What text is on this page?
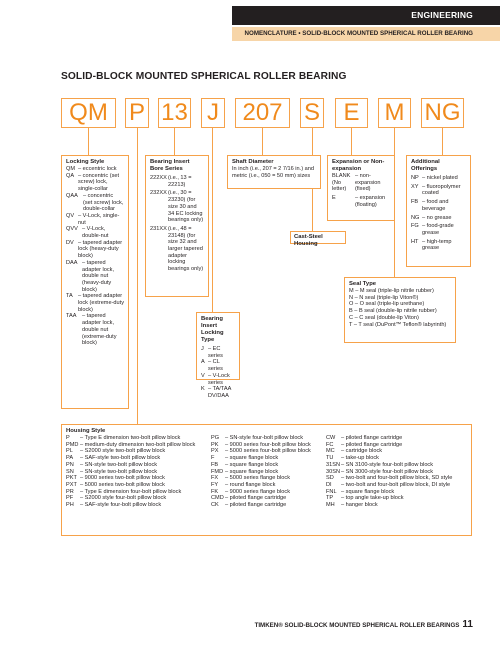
ENGINEERING
NOMENCLATURE • SOLID-BLOCK MOUNTED SPHERICAL ROLLER BEARING
SOLID-BLOCK MOUNTED SPHERICAL ROLLER BEARING
QM P 13 J 207 S E	M NG
Locking Style
QM – eccentric lock
QA – concentric (set screw) lock, single-collar
QAA – concentric (set screw) lock, double-collar
QV – V-Lock, single-nut
QVV – V-Lock, double-nut
DV – tapered adapter lock (heavy-duty block)
DAA – tapered adapter lock, double nut (heavy-duty block)
TA – tapered adapter lock (extreme-duty block)
TAA – tapered adapter lock, double nut (extreme-duty block)
Bearing Insert Bore Series
222XX (i.e., 13 = 22213)
232XX (i.e., 30 = 23230) (for size 30 and 34 EC locking bearings only)
231XX (i.e., 48 = 23148) (for size 32 and larger tapered adapter locking bearings only)
Bearing Insert Locking Type
J – EC series
A – CL series
V – V-Lock series
K – TA/TAA DV/DAA
Shaft Diameter
In inch (i.e., 207 = 2 7/16 in.) and metric (i.e., 050 = 50 mm) sizes
Cast-Steel Housing
Expansion or Non-expansion
BLANK (No letter)
– non-expansion (fixed)
E	– expansion (floating)
Additional Offerings
NP – nickel plated
XY – fluoropolymer coated
FB – food and beverage
NG – no grease
FG – food-grade grease
HT – high-temp grease
Seal Type
M – M seal (triple-lip nitrile rubber)
N – N seal (triple-lip Viton®)
O – O seal (triple-lip urethane)
B – B seal (double-lip nitrile rubber)
C – C seal (double-lip Viton)
T – T seal (DuPont™ Teflon® labyrinth)
Housing Style
P	– Type E dimension two-bolt pillow block
PMD – medium-duty dimension two-bolt pillow block
PL	– S2000 style two-bolt pillow block
PA	– SAF-style two-bolt pillow block
PN	– SN-style two-bolt pillow block
SN	– SN-style two-bolt pillow block
PKT – 9000 series two-bolt pillow block
PXT – 5000 series two-bolt pillow block
PR	– Type E dimension four-bolt pillow block
PF	– S2000 style four-bolt pillow block
PH	– SAF-style four-bolt pillow block
PG	– SN-style four-bolt pillow block
PK	– 9000 series four-bolt pillow block
PX	– 5000 series four-bolt pillow block
F	– square flange block
FB	– square flange block
FMD – square flange block
FX	– 5000 series flange block
FY	– round flange block
FK	– 9000 series flange block
CMD – piloted flange cartridge
CK	– piloted flange cartridge
CW	– piloted flange cartridge
FC	– piloted flange cartridge
MC	– cartridge block
TU	– take-up block
31SN – SN 3100-style four-bolt pillow block
30SN – SN 3000-style four-bolt pillow block
SD	– two-bolt and four-bolt pillow block, SD style
DI	– two-bolt and four-bolt pillow block, DI style
FNL – square flange block
TP	– top angle take-up block
MH	– hanger block
TIMKEN® SOLID-BLOCK MOUNTED SPHERICAL ROLLER BEARINGS 11
